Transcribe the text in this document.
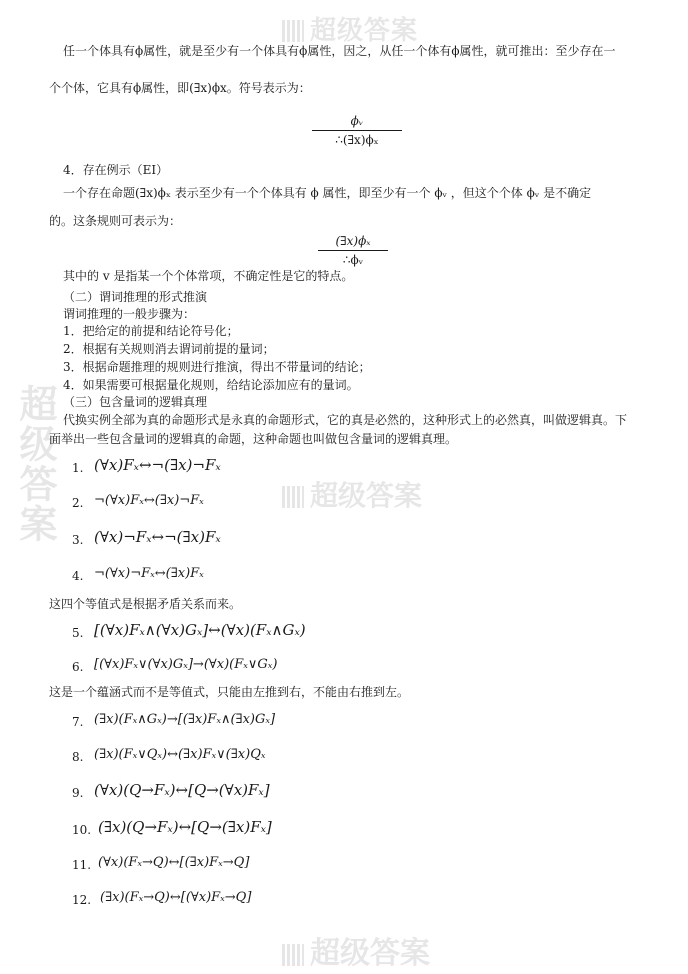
超级答案
超级答案
超级答案
超级答案
任一个体具有ϕ属性，就是至少有一个体具有ϕ属性，因之，从任一个体有ϕ属性，就可推出：至少存在一
个个体，它具有ϕ属性，即(∃x)ϕx。符号表示为：
ϕᵥ
∴(∃x)ϕₓ
4．存在例示（EI）
一个存在命题(∃x)ϕₓ 表示至少有一个个体具有 ϕ 属性，即至少有一个 ϕᵥ ，但这个个体 ϕᵥ 是不确定
的。这条规则可表示为：
(∃x)ϕₓ
∴ϕᵥ
其中的 v 是指某一个个体常项，不确定性是它的特点。
（二）谓词推理的形式推演
谓词推理的一般步骤为：
1．把给定的前提和结论符号化；
2．根据有关规则消去谓词前提的量词；
3．根据命题推理的规则进行推演，得出不带量词的结论；
4．如果需要可根据量化规则，给结论添加应有的量词。
（三）包含量词的逻辑真理
代换实例全部为真的命题形式是永真的命题形式，它的真是必然的，这种形式上的必然真，叫做逻辑真。下
面举出一些包含量词的逻辑真的命题，这种命题也叫做包含量词的逻辑真理。
1. (∀x)Fₓ↔¬(∃x)¬Fₓ
2. ¬(∀x)Fₓ↔(∃x)¬Fₓ
3. (∀x)¬Fₓ↔¬(∃x)Fₓ
4. ¬(∀x)¬Fₓ↔(∃x)Fₓ
这四个等值式是根据矛盾关系而来。
5. [(∀x)Fₓ∧(∀x)Gₓ]↔(∀x)(Fₓ∧Gₓ)
6. [(∀x)Fₓ∨(∀x)Gₓ]→(∀x)(Fₓ∨Gₓ)
这是一个蕴涵式而不是等值式，只能由左推到右，不能由右推到左。
7. (∃x)(Fₓ∧Gₓ)→[(∃x)Fₓ∧(∃x)Gₓ]
8. (∃x)(Fₓ∨Qₓ)↔(∃x)Fₓ∨(∃x)Qₓ
9. (∀x)(Q→Fₓ)↔[Q→(∀x)Fₓ]
10. (∃x)(Q→Fₓ)↔[Q→(∃x)Fₓ]
11. (∀x)(Fₓ→Q)↔[(∃x)Fₓ→Q]
12. (∃x)(Fₓ→Q)↔[(∀x)Fₓ→Q]
